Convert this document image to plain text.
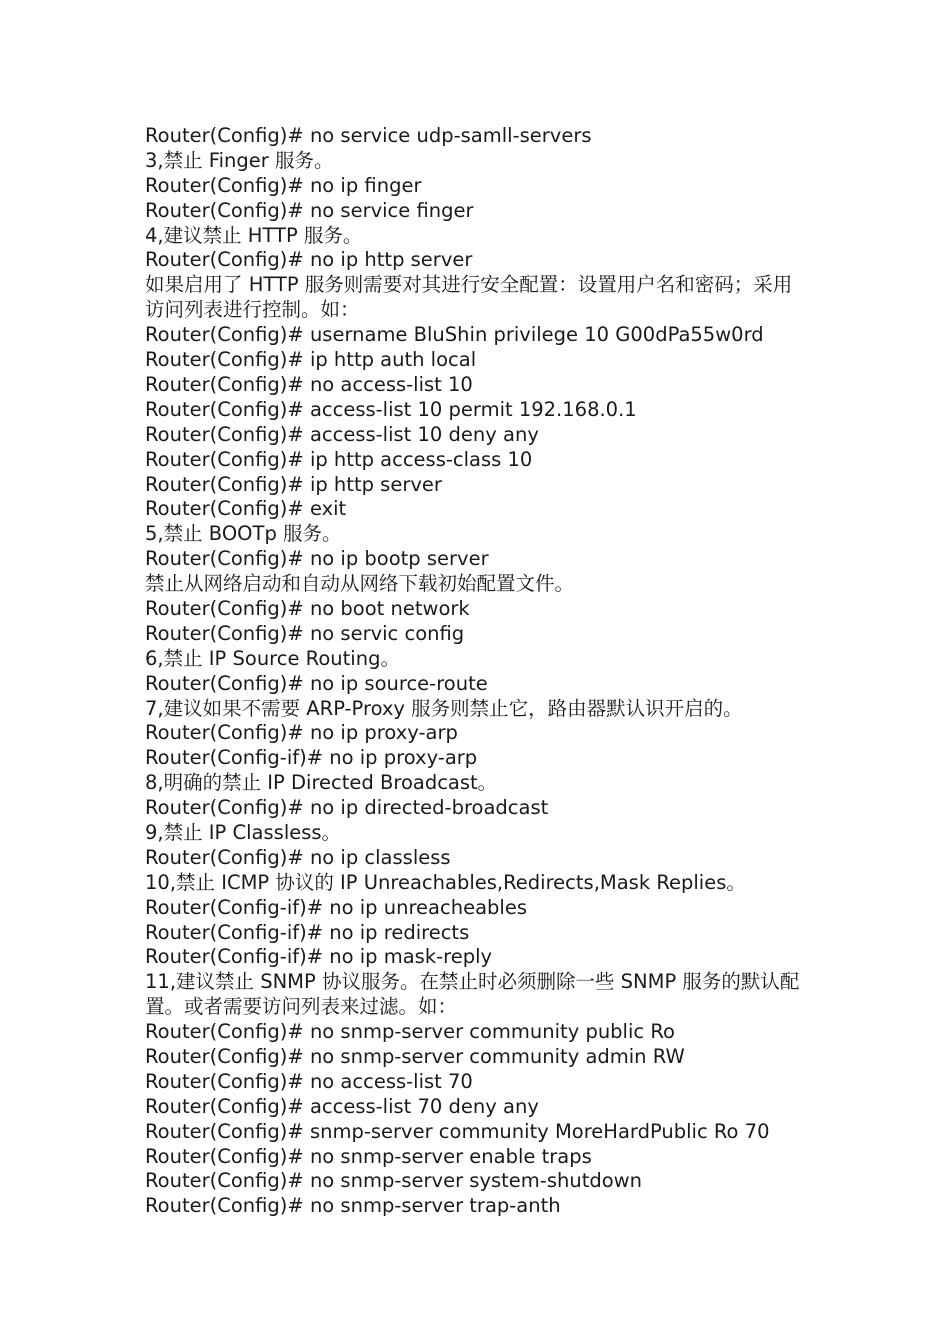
Router(Config)# no service udp-samll-servers
3,禁止 Finger 服务。
Router(Config)# no ip finger
Router(Config)# no service finger
4,建议禁止 HTTP 服务。
Router(Config)# no ip http server
如果启用了 HTTP 服务则需要对其进行安全配置：设置用户名和密码；采用访问列表进行控制。如：
Router(Config)# username BluShin privilege 10 G00dPa55w0rd
Router(Config)# ip http auth local
Router(Config)# no access-list 10
Router(Config)# access-list 10 permit 192.168.0.1
Router(Config)# access-list 10 deny any
Router(Config)# ip http access-class 10
Router(Config)# ip http server
Router(Config)# exit
5,禁止 BOOTp 服务。
Router(Config)# no ip bootp server
禁止从网络启动和自动从网络下载初始配置文件。
Router(Config)# no boot network
Router(Config)# no servic config
6,禁止 IP Source Routing。
Router(Config)# no ip source-route
7,建议如果不需要 ARP-Proxy 服务则禁止它，路由器默认识开启的。
Router(Config)# no ip proxy-arp
Router(Config-if)# no ip proxy-arp
8,明确的禁止 IP Directed Broadcast。
Router(Config)# no ip directed-broadcast
9,禁止 IP Classless。
Router(Config)# no ip classless
10,禁止 ICMP 协议的 IP Unreachables,Redirects,Mask Replies。
Router(Config-if)# no ip unreacheables
Router(Config-if)# no ip redirects
Router(Config-if)# no ip mask-reply
11,建议禁止 SNMP 协议服务。在禁止时必须删除一些 SNMP 服务的默认配置。或者需要访问列表来过滤。如：
Router(Config)# no snmp-server community public Ro
Router(Config)# no snmp-server community admin RW
Router(Config)# no access-list 70
Router(Config)# access-list 70 deny any
Router(Config)# snmp-server community MoreHardPublic Ro 70
Router(Config)# no snmp-server enable traps
Router(Config)# no snmp-server system-shutdown
Router(Config)# no snmp-server trap-anth
